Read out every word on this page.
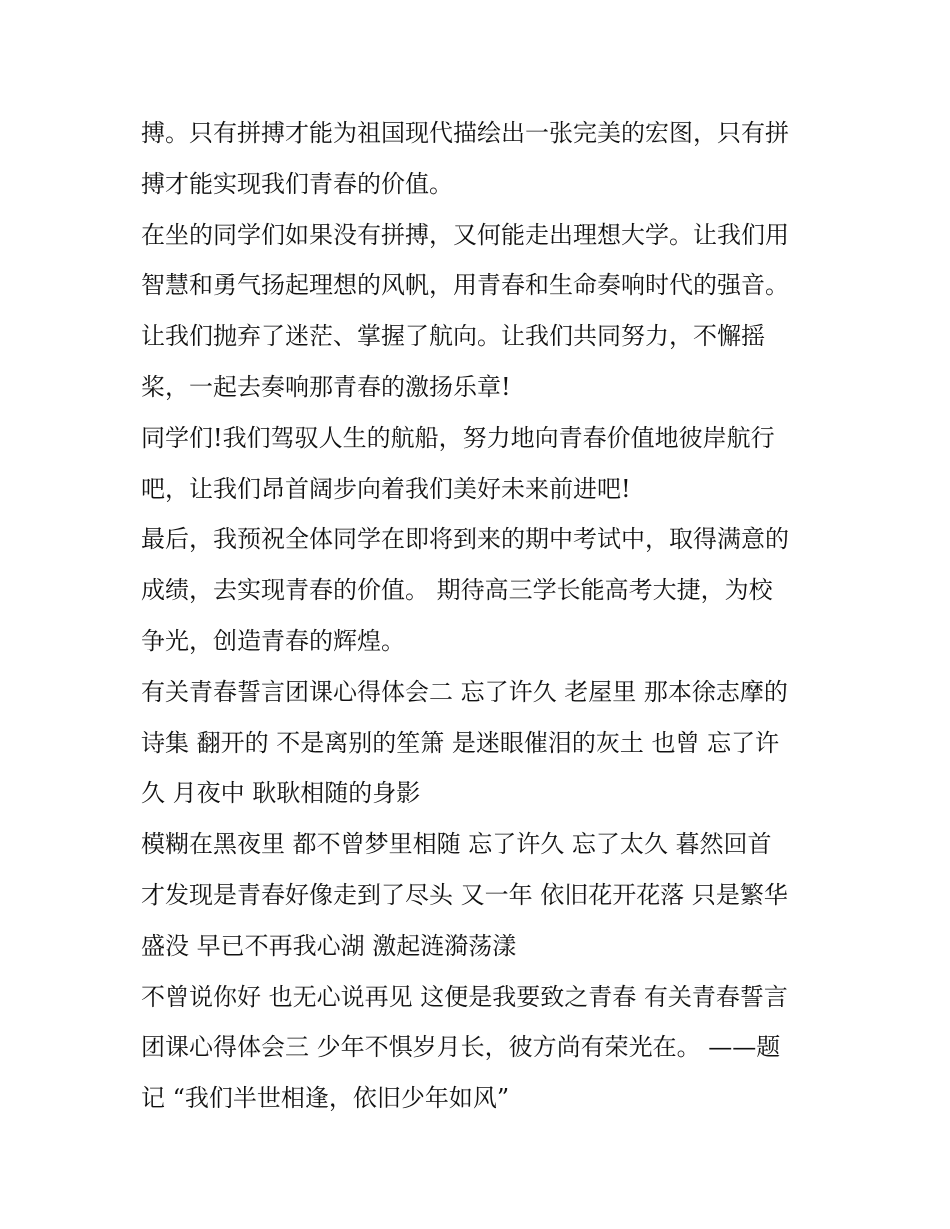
搏。只有拼搏才能为祖国现代描绘出一张完美的宏图，只有拼
搏才能实现我们青春的价值。

在坐的同学们如果没有拼搏，又何能走出理想大学。让我们用
智慧和勇气扬起理想的风帆，用青春和生命奏响时代的强音。
让我们抛弃了迷茫、掌握了航向。让我们共同努力，不懈摇
桨，一起去奏响那青春的激扬乐章!

同学们!我们驾驭人生的航船，努力地向青春价值地彼岸航行
吧，让我们昂首阔步向着我们美好未来前进吧!

最后，我预祝全体同学在即将到来的期中考试中，取得满意的
成绩，去实现青春的价值。 期待高三学长能高考大捷，为校
争光，创造青春的辉煌。

有关青春誓言团课心得体会二 忘了许久 老屋里 那本徐志摩的
诗集 翻开的 不是离别的笙箫 是迷眼催泪的灰土 也曾 忘了许
久 月夜中 耿耿相随的身影

模糊在黑夜里 都不曾梦里相随 忘了许久 忘了太久 暮然回首
才发现是青春好像走到了尽头 又一年 依旧花开花落 只是繁华
盛没 早已不再我心湖 激起涟漪荡漾

不曾说你好 也无心说再见 这便是我要致之青春 有关青春誓言
团课心得体会三 少年不惧岁月长，彼方尚有荣光在。 ——题
记 “我们半世相逢，依旧少年如风”
